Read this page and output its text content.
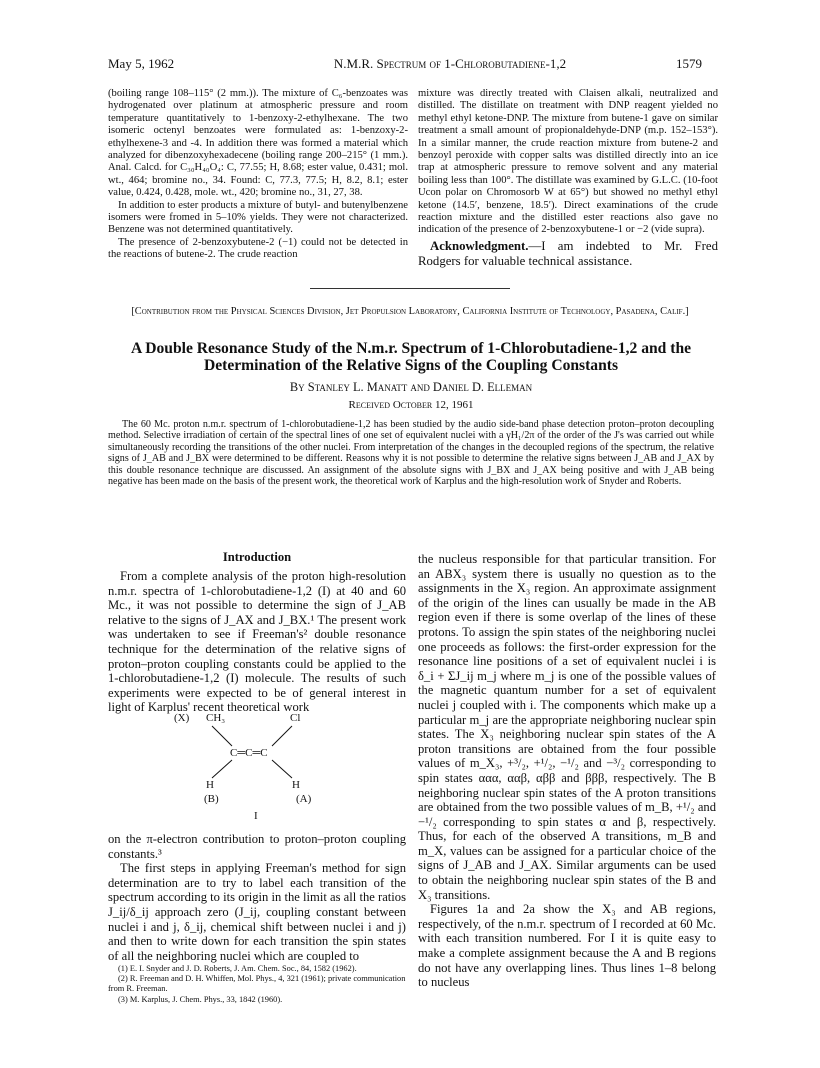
May 5, 1962	N.M.R. Spectrum of 1-Chlorobutadiene-1,2	1579

(boiling range 108–115° (2 mm.)). The mixture of C₆-benzoates was hydrogenated over platinum at atmospheric pressure and room temperature quantitatively to 1-benzoxy-2-ethylhexane. The two isomeric octenyl benzoates were formulated as: 1-benzoxy-2-ethylhexene-3 and -4. In addition there was formed a material which analyzed for dibenzoxyhexadecene (boiling range 200–215° (1 mm.). Anal. Calcd. for C₃₀H₄₀O₄: C, 77.55; H, 8.68; ester value, 0.431; mol. wt., 464; bromine no., 34. Found: C, 77.3, 77.5; H, 8.2, 8.1; ester value, 0.424, 0.428, mole. wt., 420; bromine no., 31, 27, 38.

In addition to ester products a mixture of butyl- and butenylbenzene isomers were fromed in 5–10% yields. They were not characterized. Benzene was not determined quantitatively.

The presence of 2-benzoxybutene-2 (−1) could not be detected in the reactions of butene-2. The crude reaction

mixture was directly treated with Claisen alkali, neutralized and distilled. The distillate on treatment with DNP reagent yielded no methyl ethyl ketone-DNP. The mixture from butene-1 gave on similar treatment a small amount of propionaldehyde-DNP (m.p. 152–153°). In a similar manner, the crude reaction mixture from butene-2 and benzoyl peroxide with copper salts was distilled directly into an ice trap at atmospheric pressure to remove solvent and any material boiling less than 100°. The distillate was examined by G.L.C. (10-foot Ucon polar on Chromosorb W at 65°) but showed no methyl ethyl ketone (14.5′, benzene, 18.5′). Direct examinations of the crude reaction mixture and the distilled ester reactions also gave no indication of the presence of 2-benzoxybutene-1 or −2 (vide supra).

Acknowledgment.—I am indebted to Mr. Fred Rodgers for valuable technical assistance.
[Contribution from the Physical Sciences Division, Jet Propulsion Laboratory, California Institute of Technology, Pasadena, Calif.]
A Double Resonance Study of the N.m.r. Spectrum of 1-Chlorobutadiene-1,2 and the Determination of the Relative Signs of the Coupling Constants
By Stanley L. Manatt and Daniel D. Elleman
Received October 12, 1961

The 60 Mc. proton n.m.r. spectrum of 1-chlorobutadiene-1,2 has been studied by the audio side-band phase detection proton–proton decoupling method. Selective irradiation of certain of the spectral lines of one set of equivalent nuclei with a γH₁/2π of the order of the J's was carried out while simultaneously recording the transitions of the other nuclei. From interpretation of the changes in the decoupled regions of the spectrum, the relative signs of J_AB and J_BX were determined to be different. Reasons why it is not possible to determine the relative signs between J_AB and J_AX by this double resonance technique are discussed. An assignment of the absolute signs with J_BX and J_AX being positive and with J_AB being negative has been made on the basis of the present work, the theoretical work of Karplus and the high-resolution work of Snyder and Roberts.

Introduction

From a complete analysis of the proton high-resolution n.m.r. spectra of 1-chlorobutadiene-1,2 (I) at 40 and 60 Mc., it was not possible to determine the sign of J_AB relative to the signs of J_AX and J_BX.¹ The present work was undertaken to see if Freeman's² double resonance technique for the determination of the relative signs of proton–proton coupling constants could be applied to the 1-chlorobutadiene-1,2 (I) molecule. The results of such experiments were expected to be of general interest in light of Karplus' recent theoretical work

(X) CH₃	Cl
C═C═C
H	H
(B)	(A)
I

on the π-electron contribution to proton–proton coupling constants.³

The first steps in applying Freeman's method for sign determination are to try to label each transition of the spectrum according to its origin in the limit as all the ratios J_ij/δ_ij approach zero (J_ij, coupling constant between nuclei i and j, δ_ij, chemical shift between nuclei i and j) and then to write down for each transition the spin states of all the neighboring nuclei which are coupled to

(1) E. I. Snyder and J. D. Roberts, J. Am. Chem. Soc., 84, 1582 (1962).

(2) R. Freeman and D. H. Whiffen, Mol. Phys., 4, 321 (1961); private communication from R. Freeman.

(3) M. Karplus, J. Chem. Phys., 33, 1842 (1960).

the nucleus responsible for that particular transition. For an ABX₃ system there is usually no question as to the assignments in the X₃ region. An approximate assignment of the origin of the lines can usually be made in the AB region even if there is some overlap of the lines of these protons. To assign the spin states of the neighboring nuclei one proceeds as follows: the first-order expression for the resonance line positions of a set of equivalent nuclei i is δ_i + ΣJ_ij m_j where m_j is one of the possible values of the magnetic quantum number for a set of equivalent nuclei j coupled with i. The components which make up a particular m_j are the appropriate neighboring nuclear spin states. The X₃ neighboring nuclear spin states of the A proton transitions are obtained from the four possible values of m_X₃, +³/₂, +¹/₂, −¹/₂ and −³/₂ corresponding to spin states ααα, ααβ, αββ and βββ, respectively. The B neighboring nuclear spin states of the A proton transitions are obtained from the two possible values of m_B, +¹/₂ and −¹/₂ corresponding to spin states α and β, respectively. Thus, for each of the observed A transitions, m_B and m_X, values can be assigned for a particular choice of the signs of J_AB and J_AX. Similar arguments can be used to obtain the neighboring nuclear spin states of the B and X₃ transitions.

Figures 1a and 2a show the X₃ and AB regions, respectively, of the n.m.r. spectrum of I recorded at 60 Mc. with each transition numbered. For I it is quite easy to make a complete assignment because the A and B regions do not have any overlapping lines. Thus lines 1–8 belong to nucleus
